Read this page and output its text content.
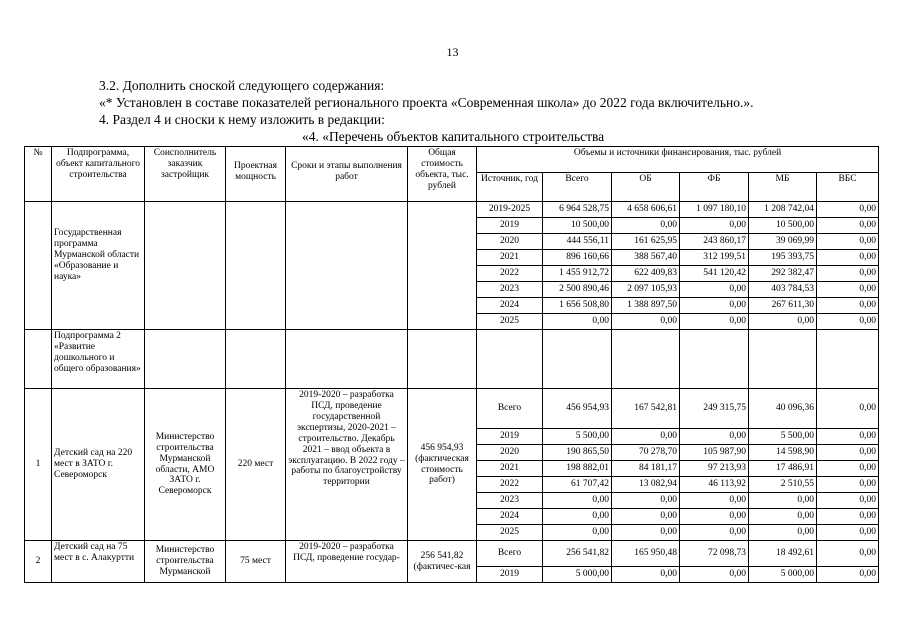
13
3.2. Дополнить сноской следующего содержания:
«* Установлен в составе показателей регионального проекта «Современная школа» до 2022 года включительно.».
4. Раздел 4 и сноски к нему изложить в редакции:
«4. «Перечень объектов капитального строительства
№	Подпрограмма, объект капитального строительства	Соисполнитель заказчик застройщик	Проектная мощность	Сроки и этапы выполнения работ	Общая стоимость объекта, тыс. рублей	Объемы и источники финансирования, тыс. рублей					
						Источник, год	Всего	ОБ	ФБ	МБ	ВБС
	Государственная программа Мурманской области «Образование и наука»					2019-2025	6 964 528,75	4 658 606,61	1 097 180,10	1 208 742,04	0,00
						2019	10 500,00	0,00	0,00	10 500,00	0,00
						2020	444 556,11	161 625,95	243 860,17	39 069,99	0,00
						2021	896 160,66	388 567,40	312 199,51	195 393,75	0,00
						2022	1 455 912,72	622 409,83	541 120,42	292 382,47	0,00
						2023	2 500 890,46	2 097 105,93	0,00	403 784,53	0,00
						2024	1 656 508,80	1 388 897,50	0,00	267 611,30	0,00
						2025	0,00	0,00	0,00	0,00	0,00
	Подпрограмма 2 «Развитие дошкольного и общего образования»										
1	Детский сад на 220 мест в ЗАТО г. Североморск	Министерство строительства Мурманской области, АМО ЗАТО г. Североморск	220 мест	2019-2020 – разработка ПСД, проведение государственной экспертизы, 2020-2021 – строительство. Декабрь 2021 – ввод объекта в эксплуатацию. В 2022 году – работы по благоустройству территории	456 954,93 (фактическая стоимость работ)	Всего	456 954,93	167 542,81	249 315,75	40 096,36	0,00
						2019	5 500,00	0,00	0,00	5 500,00	0,00
						2020	190 865,50	70 278,70	105 987,90	14 598,90	0,00
						2021	198 882,01	84 181,17	97 213,93	17 486,91	0,00
						2022	61 707,42	13 082,94	46 113,92	2 510,55	0,00
						2023	0,00	0,00	0,00	0,00	0,00
						2024	0,00	0,00	0,00	0,00	0,00
						2025	0,00	0,00	0,00	0,00	0,00
2	Детский сад на 75 мест в с. Алакуртти	Министерство строительства Мурманской	75 мест	2019-2020 – разработка ПСД, проведение государ-	256 541,82 (фактичес-кая	Всего	256 541,82	165 950,48	72 098,73	18 492,61	0,00
						2019	5 000,00	0,00	0,00	5 000,00	0,00
